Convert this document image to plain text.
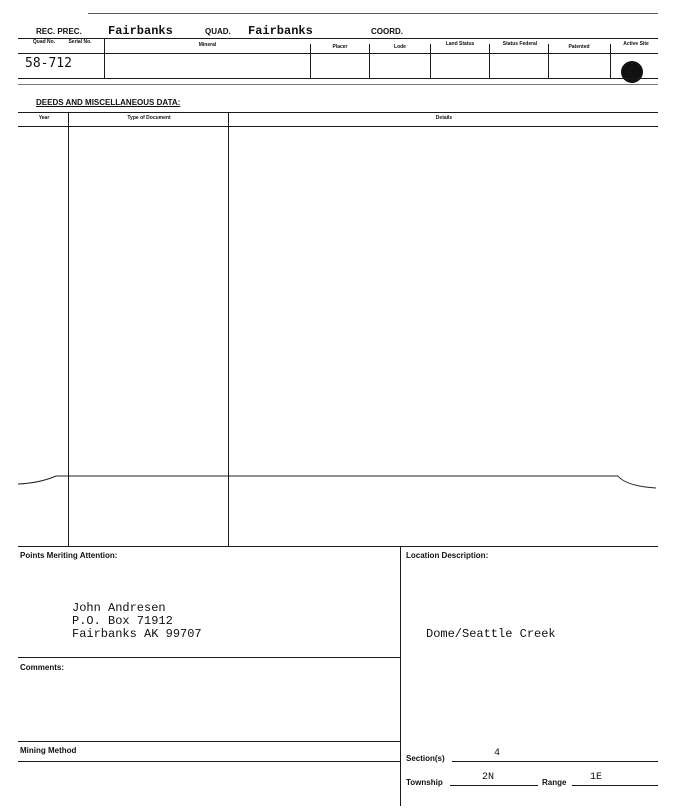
REC. PREC. Fairbanks	QUAD. Fairbanks	COORD.
Quad No.	Serial No.	Mineral	Placer	Lode	Land Status	Status Federal	Patented	Active Site
58-712
DEEDS AND MISCELLANEOUS DATA:
Year	Type of Document	Details
Points Meriting Attention:
John Andresen
P.O. Box 71912
Fairbanks AK 99707
Location Description:
Dome/Seattle Creek
Comments:
Mining Method
Section(s)	4
Township	2N	Range 1E
